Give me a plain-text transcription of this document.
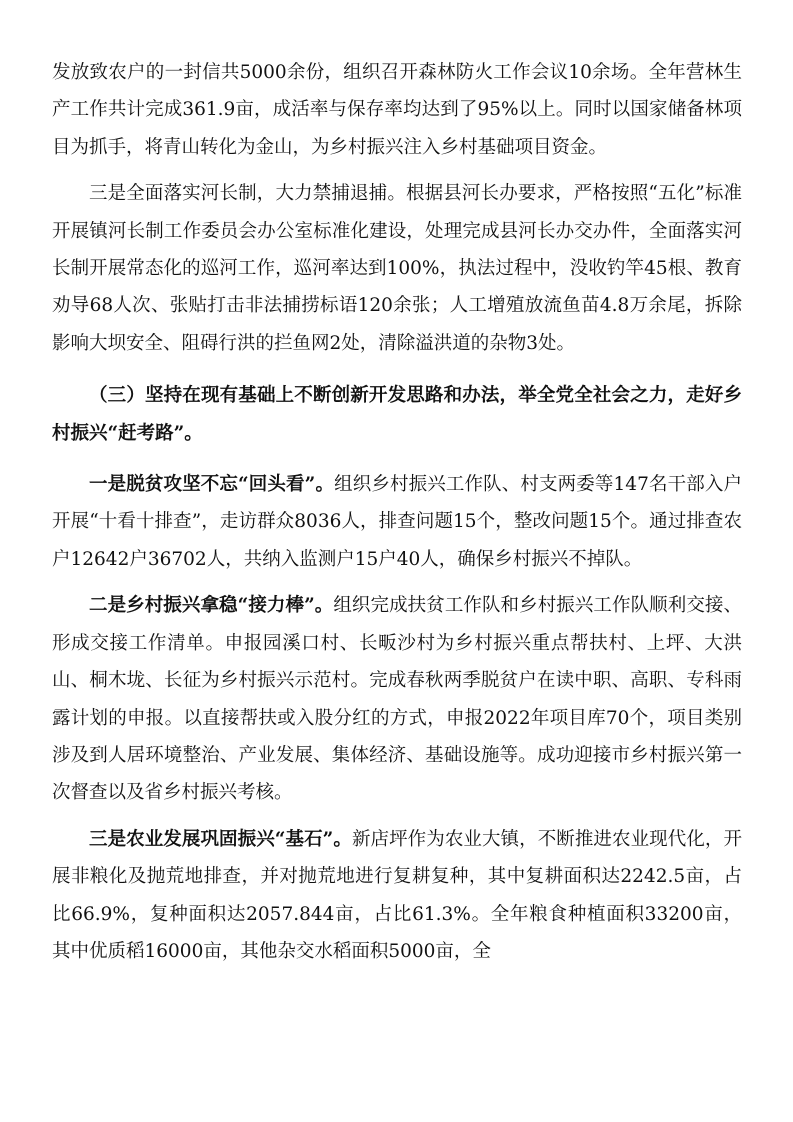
发放致农户的一封信共5000余份，组织召开森林防火工作会议10余场。全年营林生产工作共计完成361.9亩，成活率与保存率均达到了95%以上。同时以国家储备林项目为抓手，将青山转化为金山，为乡村振兴注入乡村基础项目资金。

三是全面落实河长制，大力禁捕退捕。根据县河长办要求，严格按照“五化”标准开展镇河长制工作委员会办公室标准化建设，处理完成县河长办交办件，全面落实河长制开展常态化的巡河工作，巡河率达到100%，执法过程中，没收钓竿45根、教育劝导68人次、张贴打击非法捕捞标语120余张；人工增殖放流鱼苗4.8万余尾，拆除影响大坝安全、阻碍行洪的拦鱼网2处，清除溢洪道的杂物3处。

（三）坚持在现有基础上不断创新开发思路和办法，举全党全社会之力，走好乡村振兴“赶考路”。

一是脱贫攻坚不忘“回头看”。组织乡村振兴工作队、村支两委等147名干部入户开展“十看十排查”，走访群众8036人，排查问题15个，整改问题15个。通过排查农户12642户36702人，共纳入监测户15户40人，确保乡村振兴不掉队。

二是乡村振兴拿稳“接力棒”。组织完成扶贫工作队和乡村振兴工作队顺利交接、形成交接工作清单。申报园溪口村、长畈沙村为乡村振兴重点帮扶村、上坪、大洪山、桐木垅、长征为乡村振兴示范村。完成春秋两季脱贫户在读中职、高职、专科雨露计划的申报。以直接帮扶或入股分红的方式，申报2022年项目库70个，项目类别涉及到人居环境整治、产业发展、集体经济、基础设施等。成功迎接市乡村振兴第一次督查以及省乡村振兴考核。

三是农业发展巩固振兴“基石”。新店坪作为农业大镇，不断推进农业现代化，开展非粮化及抛荒地排查，并对抛荒地进行复耕复种，其中复耕面积达2242.5亩，占比66.9%，复种面积达2057.844亩，占比61.3%。全年粮食种植面积33200亩，其中优质稻16000亩，其他杂交水稻面积5000亩，全
